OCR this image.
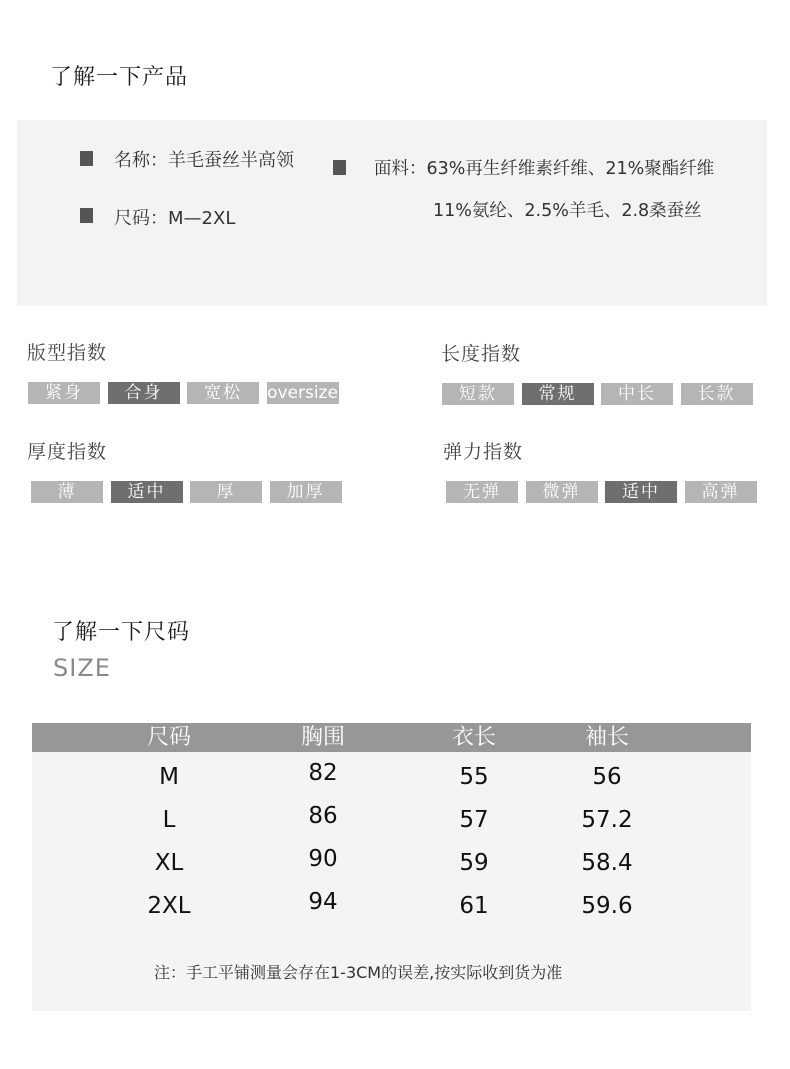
了解一下产品
名称：羊毛蚕丝半高领
尺码：M—2XL
面料：63%再生纤维素纤维、21%聚酯纤维
11%氨纶、2.5%羊毛、2.8桑蚕丝
版型指数
紧身	合身	宽松	oversize
长度指数
短款	常规	中长	长款
厚度指数
薄	适中	厚	加厚
弹力指数
无弹	微弹	适中	高弹
了解一下尺码
SIZE
尺码	胸围	衣长	袖长
M	82	55	56
L	86	57	57.2
XL	90	59	58.4
2XL	94	61	59.6
注：手工平铺测量会存在1-3CM的误差,按实际收到货为准
